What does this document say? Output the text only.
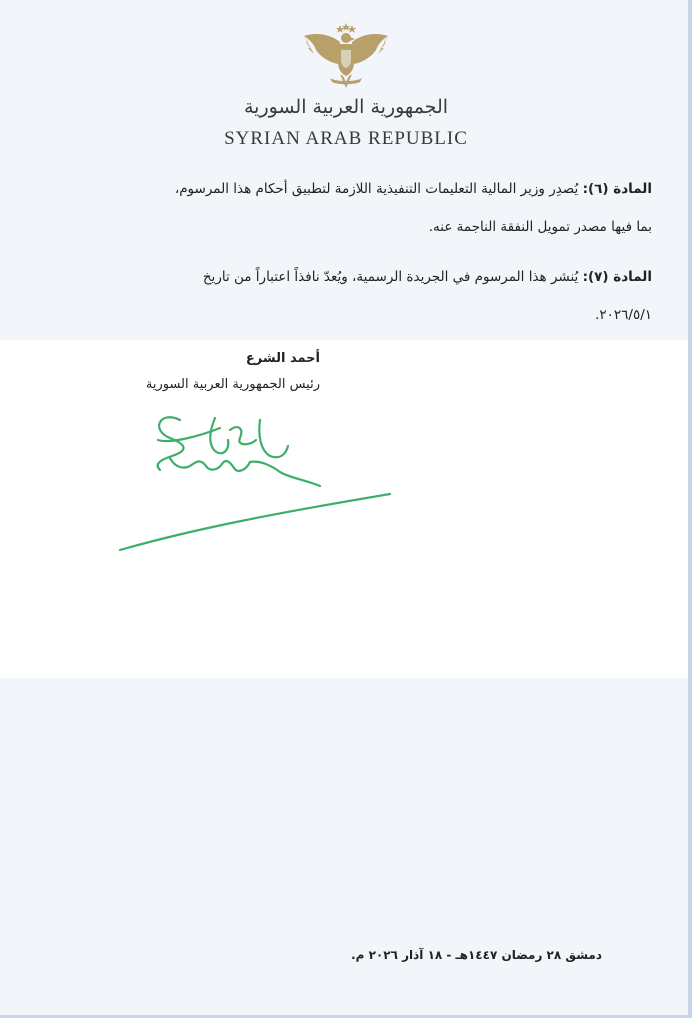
الجمهورية العربية السورية
SYRIAN ARAB REPUBLIC
المادة (٦): يُصدِر وزير المالية التعليمات التنفيذية اللازمة لتطبيق أحكام هذا المرسوم،
بما فيها مصدر تمويل النفقة الناجمة عنه.
المادة (٧): يُنشر هذا المرسوم في الجريدة الرسمية، ويُعدّ نافذاً اعتباراً من تاريخ
٢٠٢٦/٥/١.
أحمد الشرع
رئيس الجمهورية العربية السورية
دمشق ٢٨ رمضان ١٤٤٧هـ - ١٨ آذار ٢٠٢٦ م.
